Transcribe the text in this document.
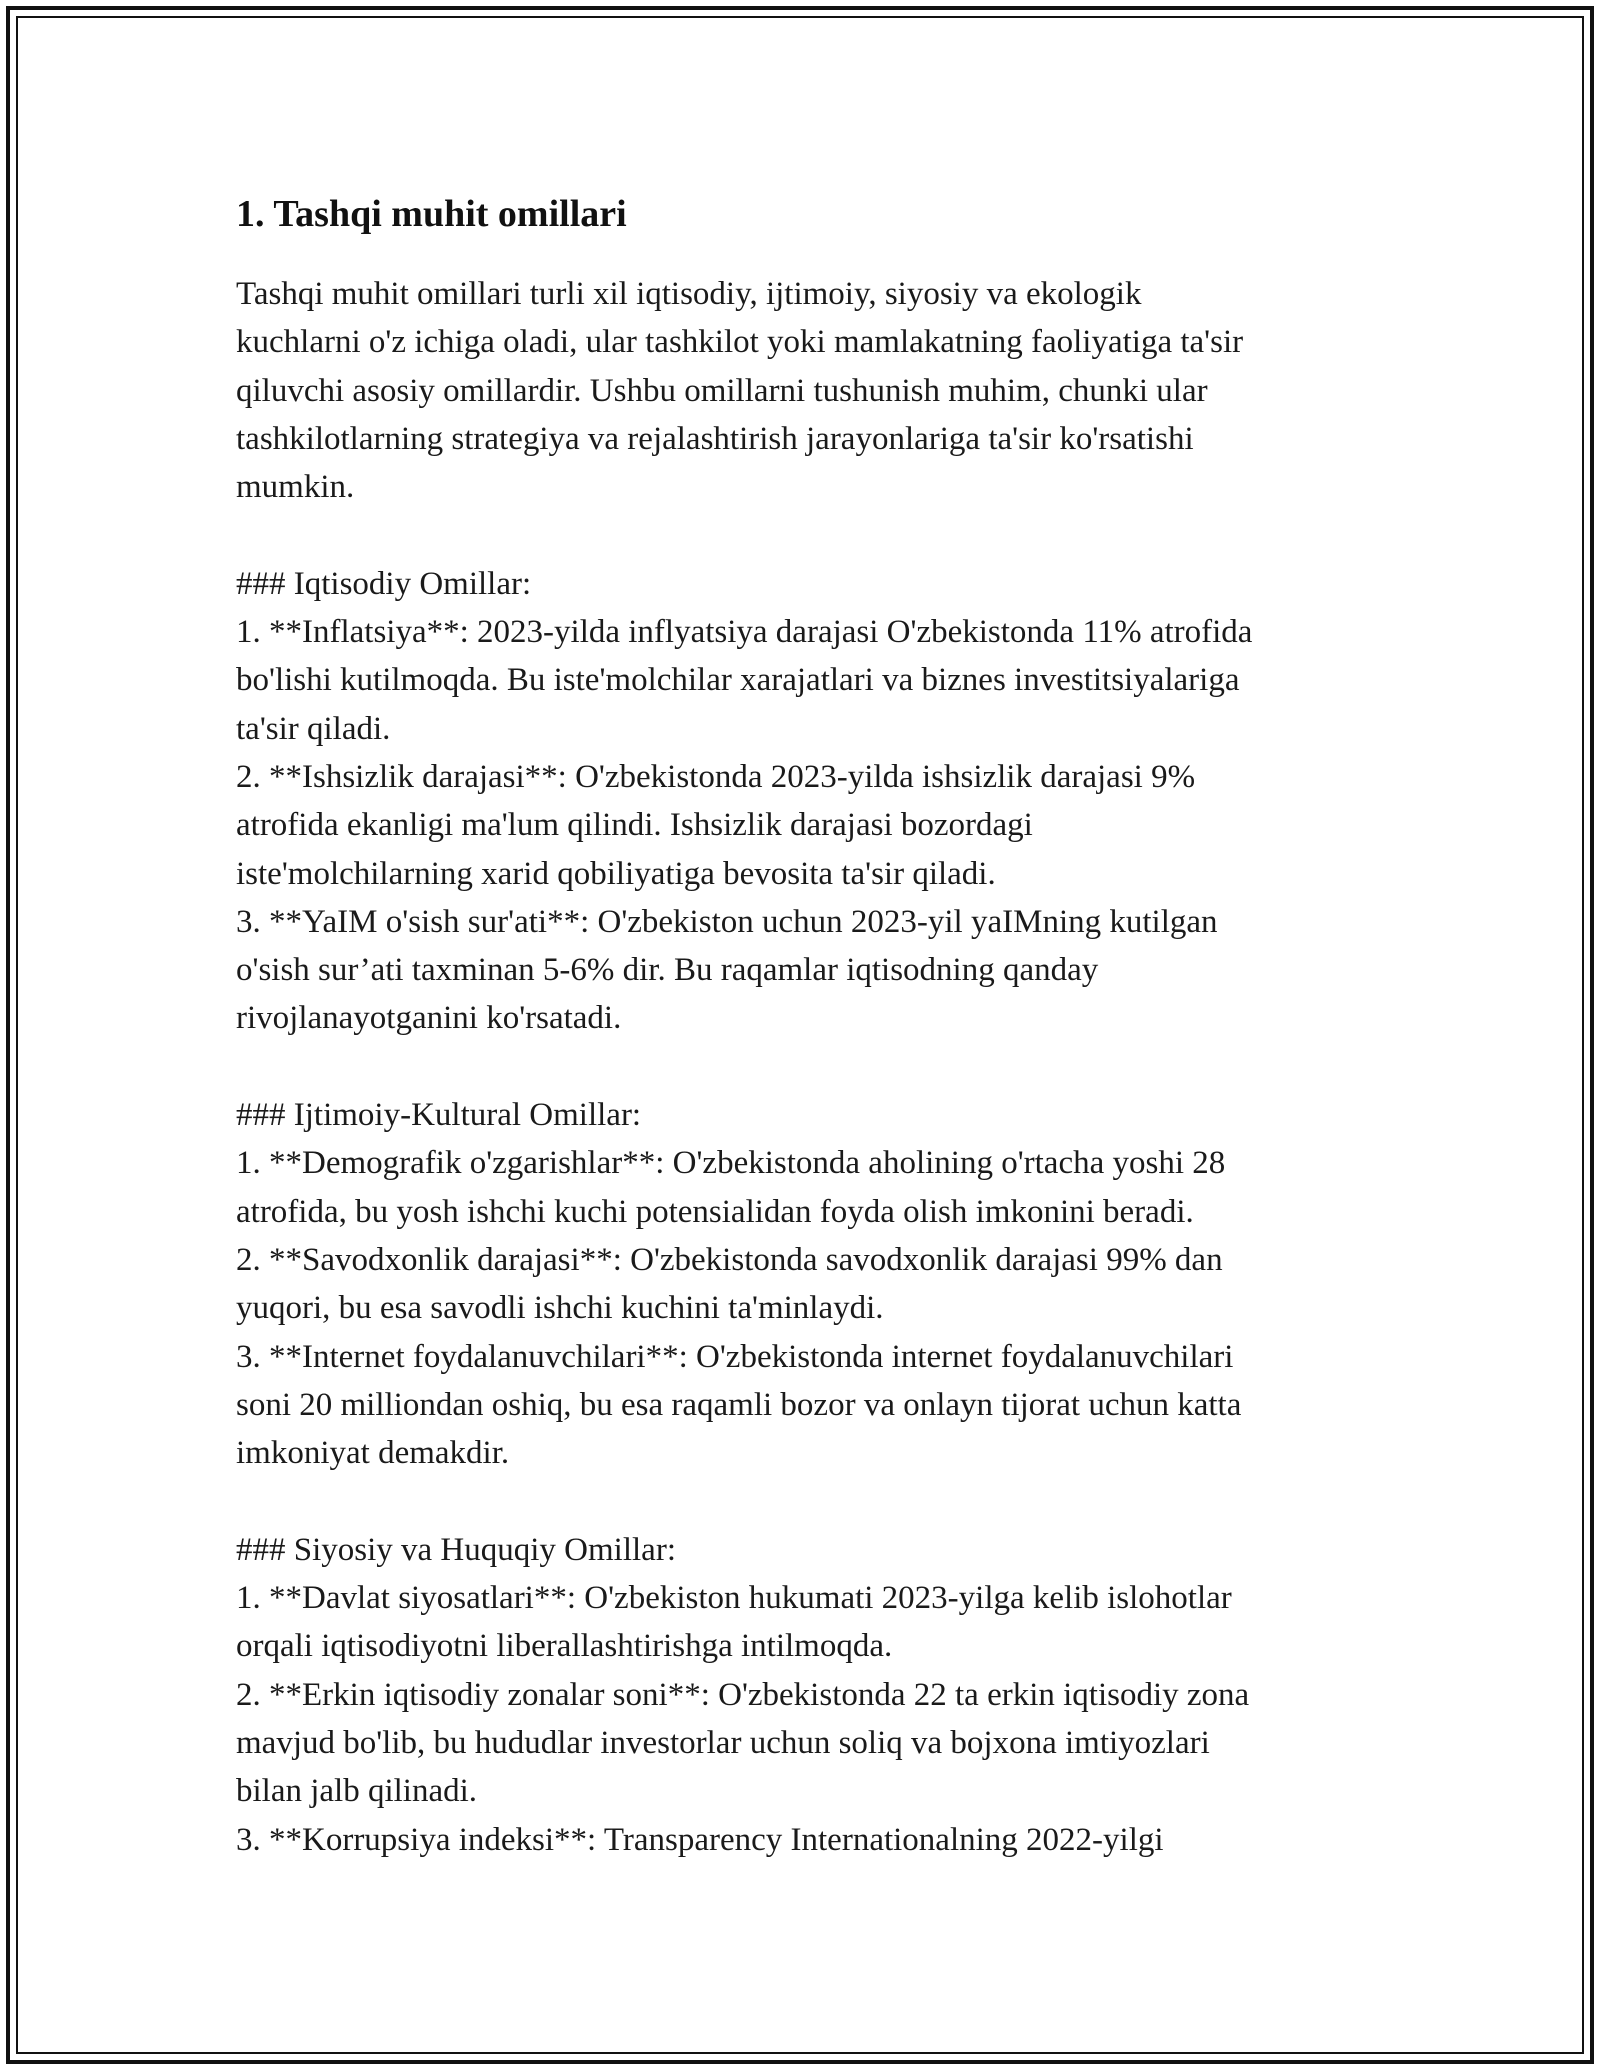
1. Tashqi muhit omillari
Tashqi muhit omillari turli xil iqtisodiy, ijtimoiy, siyosiy va ekologik
kuchlarni o'z ichiga oladi, ular tashkilot yoki mamlakatning faoliyatiga ta'sir
qiluvchi asosiy omillardir. Ushbu omillarni tushunish muhim, chunki ular
tashkilotlarning strategiya va rejalashtirish jarayonlariga ta'sir ko'rsatishi
mumkin.

### Iqtisodiy Omillar:
1. **Inflatsiya**: 2023-yilda inflyatsiya darajasi O'zbekistonda 11% atrofida
bo'lishi kutilmoqda. Bu iste'molchilar xarajatlari va biznes investitsiyalariga
ta'sir qiladi.
2. **Ishsizlik darajasi**: O'zbekistonda 2023-yilda ishsizlik darajasi 9%
atrofida ekanligi ma'lum qilindi. Ishsizlik darajasi bozordagi
iste'molchilarning xarid qobiliyatiga bevosita ta'sir qiladi.
3. **YaIM o'sish sur'ati**: O'zbekiston uchun 2023-yil yaIMning kutilgan
o'sish sur’ati taxminan 5-6% dir. Bu raqamlar iqtisodning qanday
rivojlanayotganini ko'rsatadi.

### Ijtimoiy-Kultural Omillar:
1. **Demografik o'zgarishlar**: O'zbekistonda aholining o'rtacha yoshi 28
atrofida, bu yosh ishchi kuchi potensialidan foyda olish imkonini beradi.
2. **Savodxonlik darajasi**: O'zbekistonda savodxonlik darajasi 99% dan
yuqori, bu esa savodli ishchi kuchini ta'minlaydi.
3. **Internet foydalanuvchilari**: O'zbekistonda internet foydalanuvchilari
soni 20 milliondan oshiq, bu esa raqamli bozor va onlayn tijorat uchun katta
imkoniyat demakdir.

### Siyosiy va Huquqiy Omillar:
1. **Davlat siyosatlari**: O'zbekiston hukumati 2023-yilga kelib islohotlar
orqali iqtisodiyotni liberallashtirishga intilmoqda.
2. **Erkin iqtisodiy zonalar soni**: O'zbekistonda 22 ta erkin iqtisodiy zona
mavjud bo'lib, bu hududlar investorlar uchun soliq va bojxona imtiyozlari
bilan jalb qilinadi.
3. **Korrupsiya indeksi**: Transparency Internationalning 2022-yilgi
